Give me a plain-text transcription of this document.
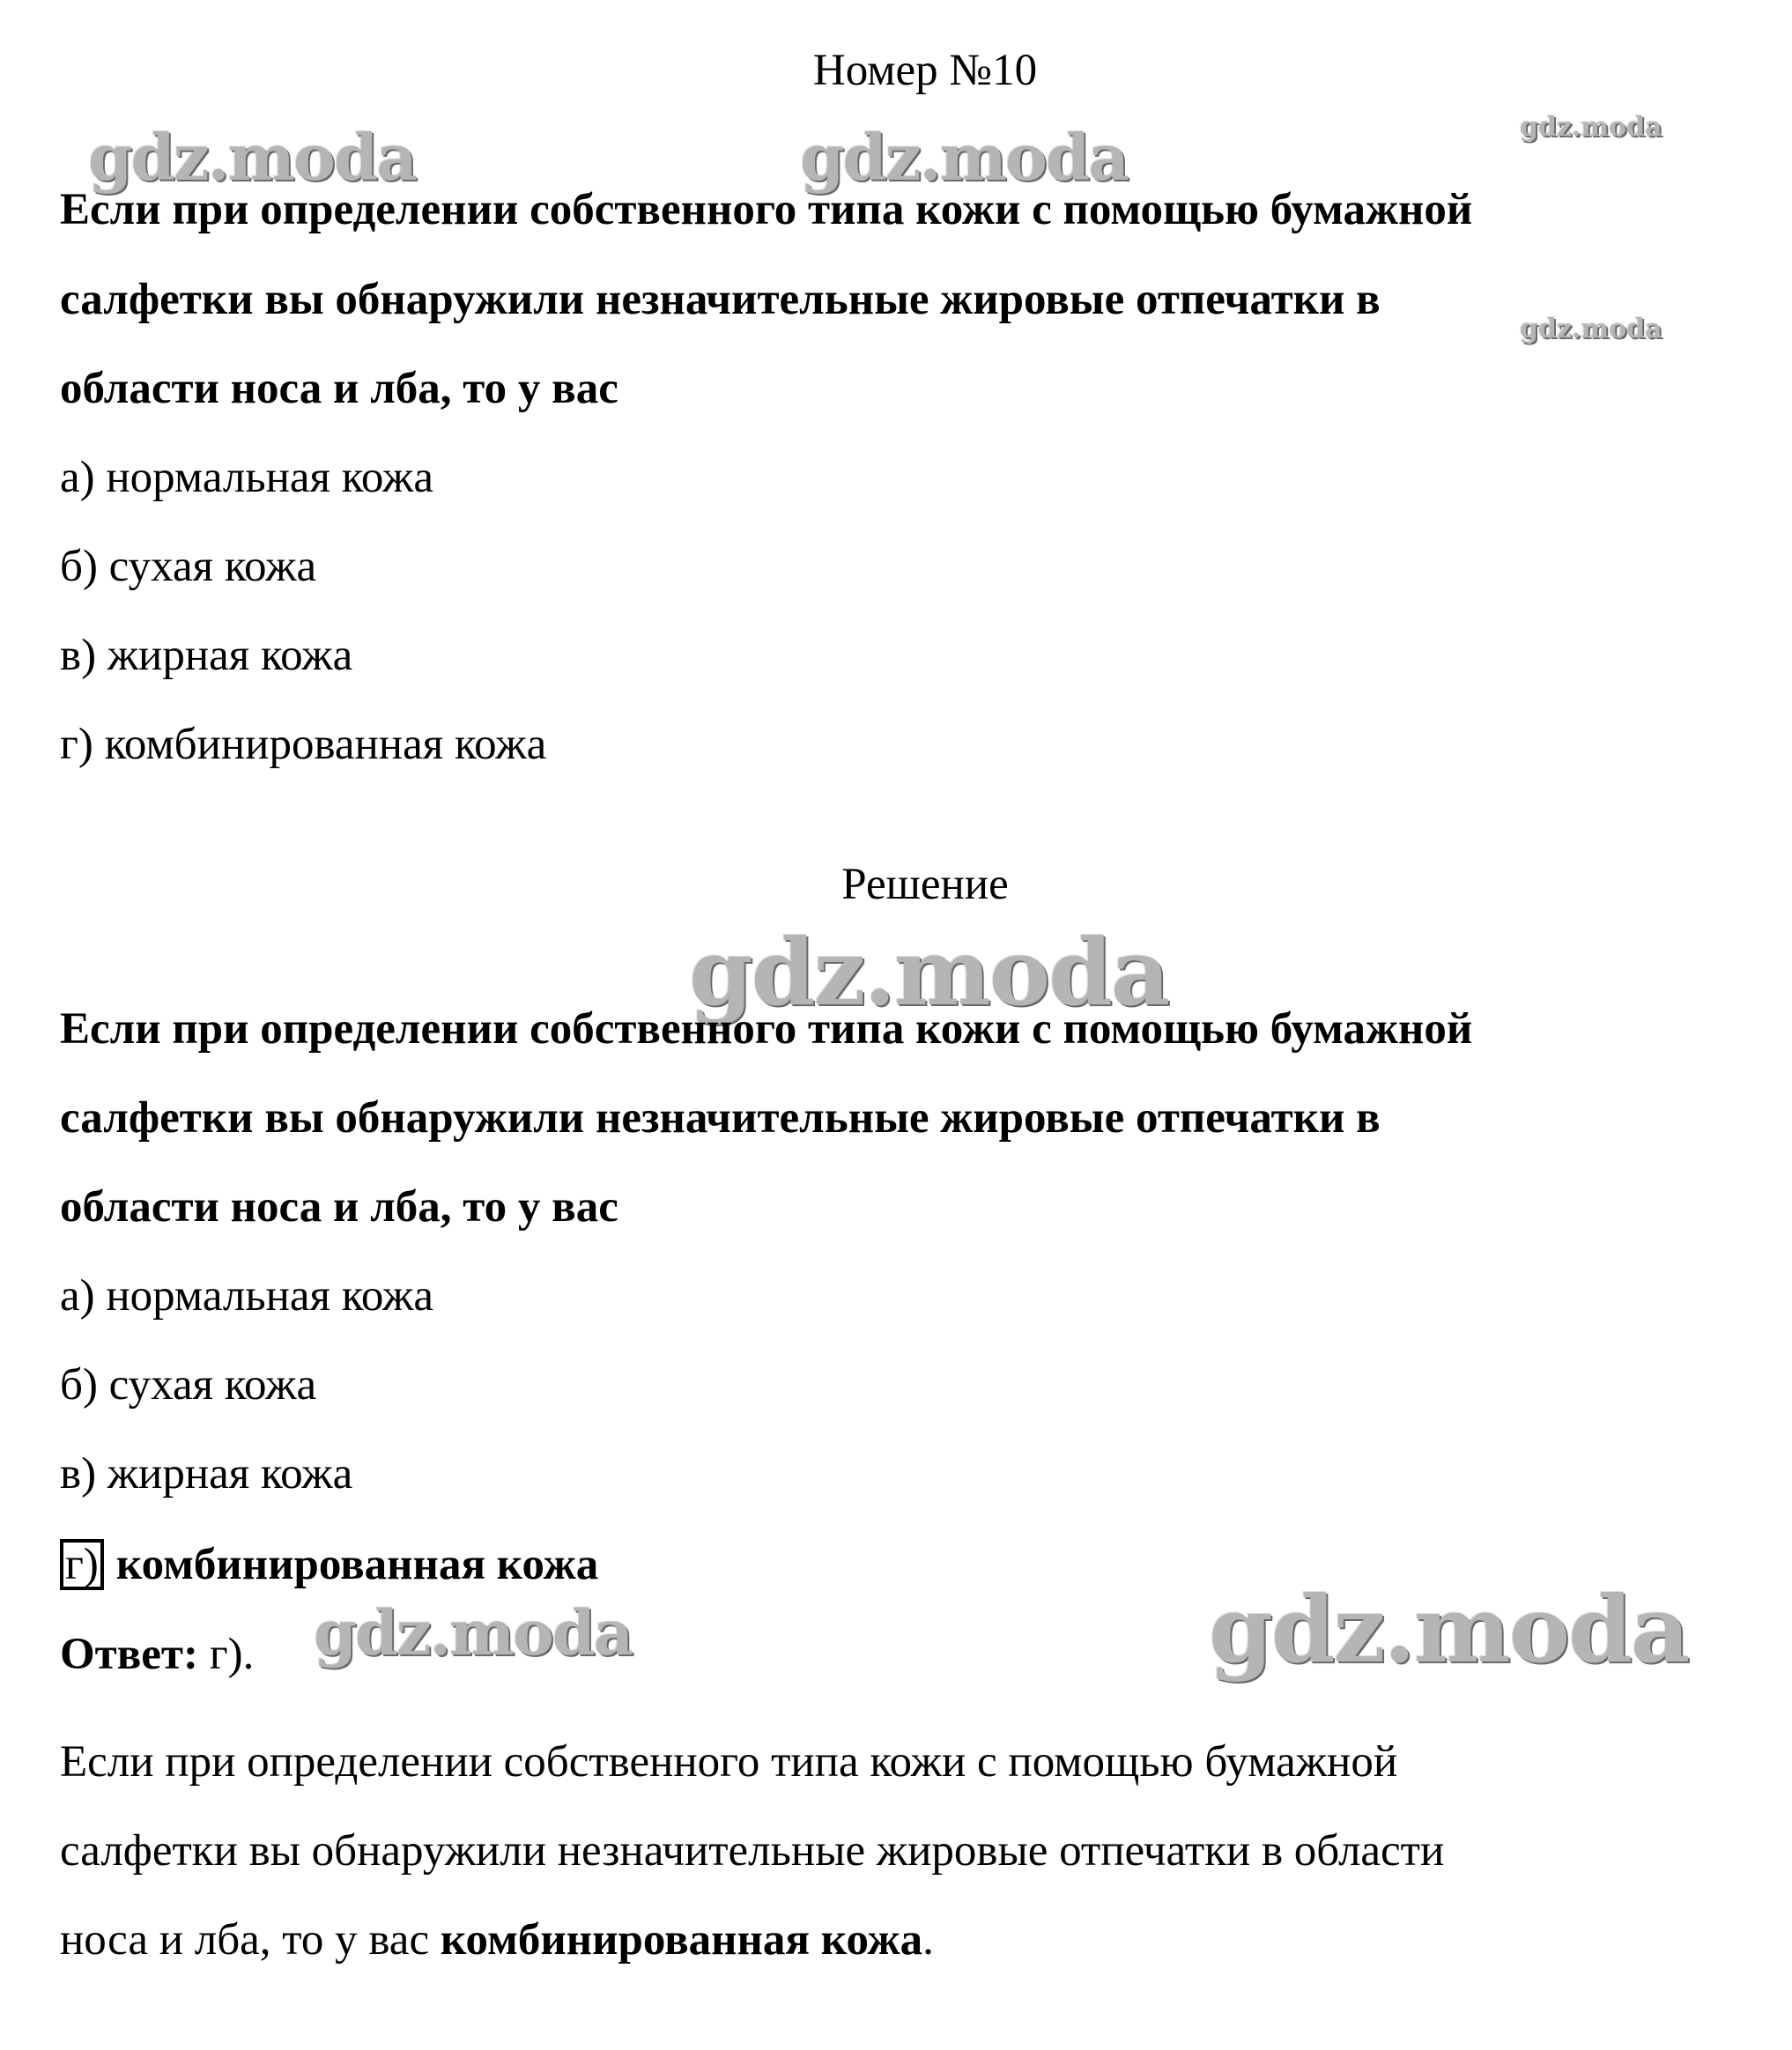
Номер №10
gdz.moda	gdz.moda	gdz.moda
gdz.moda
gdz.moda
gdz.moda	gdz.moda
Если при определении собственного типа кожи с помощью бумажной
салфетки вы обнаружили незначительные жировые отпечатки в
области носа и лба, то у вас
а) нормальная кожа
б) сухая кожа
в) жирная кожа
г) комбинированная кожа
Решение
Если при определении собственного типа кожи с помощью бумажной
салфетки вы обнаружили незначительные жировые отпечатки в
области носа и лба, то у вас
а) нормальная кожа
б) сухая кожа
в) жирная кожа
г) комбинированная кожа
Ответ: г).
Если при определении собственного типа кожи с помощью бумажной
салфетки вы обнаружили незначительные жировые отпечатки в области
носа и лба, то у вас комбинированная кожа.
